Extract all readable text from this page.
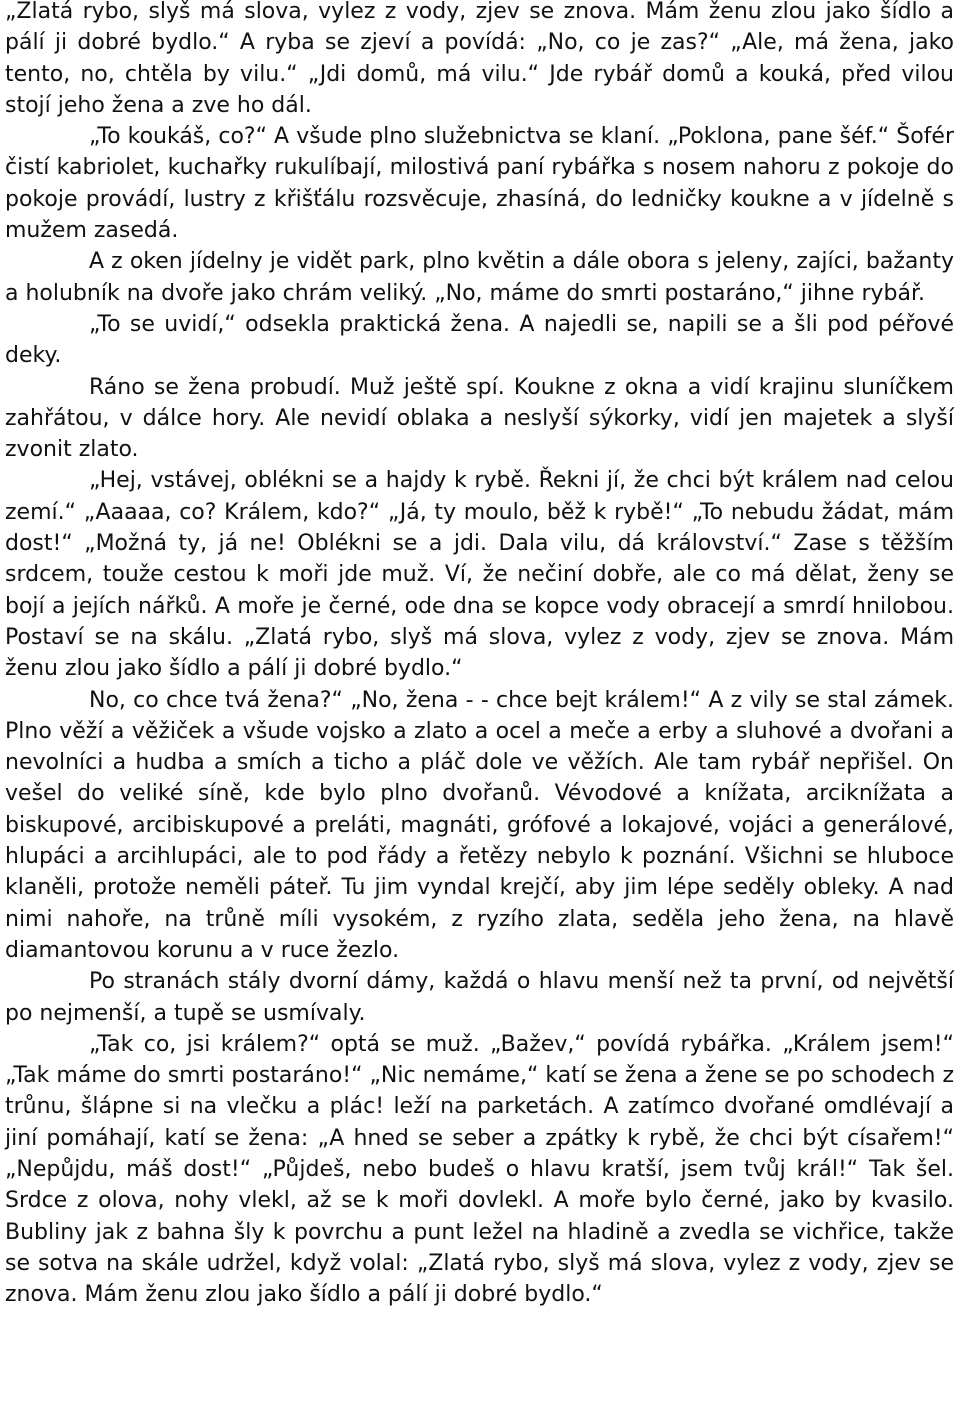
„Zlatá rybo, slyš má slova, vylez z vody, zjev se znova. Mám ženu zlou jako šídlo a pálí ji dobré bydlo.“ A ryba se zjeví a povídá: „No, co je zas?“ „Ale, má žena, jako tento, no, chtěla by vilu.“ „Jdi domů, má vilu.“ Jde rybář domů a kouká, před vilou stojí jeho žena a zve ho dál.

„To koukáš, co?“ A všude plno služebnictva se klaní. „Poklona, pane šéf.“ Šofér čistí kabriolet, kuchařky rukulíbají, milostivá paní rybářka s nosem nahoru z pokoje do pokoje provádí, lustry z křišťálu rozsvěcuje, zhasíná, do ledničky koukne a v jídelně s mužem zasedá.

A z oken jídelny je vidět park, plno květin a dále obora s jeleny, zajíci, bažanty a holubník na dvoře jako chrám veliký. „No, máme do smrti postaráno,“ jihne rybář.

„To se uvidí,“ odsekla praktická žena. A najedli se, napili se a šli pod péřové deky.

Ráno se žena probudí. Muž ještě spí. Koukne z okna a vidí krajinu sluníčkem zahřátou, v dálce hory. Ale nevidí oblaka a neslyší sýkorky, vidí jen majetek a slyší zvonit zlato.

„Hej, vstávej, oblékni se a hajdy k rybě. Řekni jí, že chci být králem nad celou zemí.“ „Aaaaa, co? Králem, kdo?“ „Já, ty moulo, běž k rybě!“ „To nebudu žádat, mám dost!“ „Možná ty, já ne! Oblékni se a jdi. Dala vilu, dá království.“ Zase s těžším srdcem, touže cestou k moři jde muž. Ví, že nečiní dobře, ale co má dělat, ženy se bojí a jejích nářků. A moře je černé, ode dna se kopce vody obracejí a smrdí hnilobou. Postaví se na skálu. „Zlatá rybo, slyš má slova, vylez z vody, zjev se znova. Mám ženu zlou jako šídlo a pálí ji dobré bydlo.“

No, co chce tvá žena?“ „No, žena - - chce bejt králem!“ A z vily se stal zámek. Plno věží a věžiček a všude vojsko a zlato a ocel a meče a erby a sluhové a dvořani a nevolníci a hudba a smích a ticho a pláč dole ve věžích. Ale tam rybář nepřišel. On vešel do veliké síně, kde bylo plno dvořanů. Vévodové a knížata, arciknížata a biskupové, arcibiskupové a preláti, magnáti, grófové a lokajové, vojáci a generálové, hlupáci a arcihlupáci, ale to pod řády a řetězy nebylo k poznání. Všichni se hluboce klaněli, protože neměli páteř. Tu jim vyndal krejčí, aby jim lépe seděly obleky. A nad nimi nahoře, na trůně míli vysokém, z ryzího zlata, seděla jeho žena, na hlavě diamantovou korunu a v ruce žezlo.

Po stranách stály dvorní dámy, každá o hlavu menší než ta první, od největší po nejmenší, a tupě se usmívaly.

„Tak co, jsi králem?“ optá se muž. „Bažev,“ povídá rybářka. „Králem jsem!“ „Tak máme do smrti postaráno!“ „Nic nemáme,“ katí se žena a žene se po schodech z trůnu, šlápne si na vlečku a plác! leží na parketách. A zatímco dvořané omdlévají a jiní pomáhají, katí se žena: „A hned se seber a zpátky k rybě, že chci být císařem!“ „Nepůjdu, máš dost!“ „Půjdeš, nebo budeš o hlavu kratší, jsem tvůj král!“ Tak šel. Srdce z olova, nohy vlekl, až se k moři dovlekl. A moře bylo černé, jako by kvasilo. Bubliny jak z bahna šly k povrchu a punt ležel na hladině a zvedla se vichřice, takže se sotva na skále udržel, když volal: „Zlatá rybo, slyš má slova, vylez z vody, zjev se znova. Mám ženu zlou jako šídlo a pálí ji dobré bydlo.“
